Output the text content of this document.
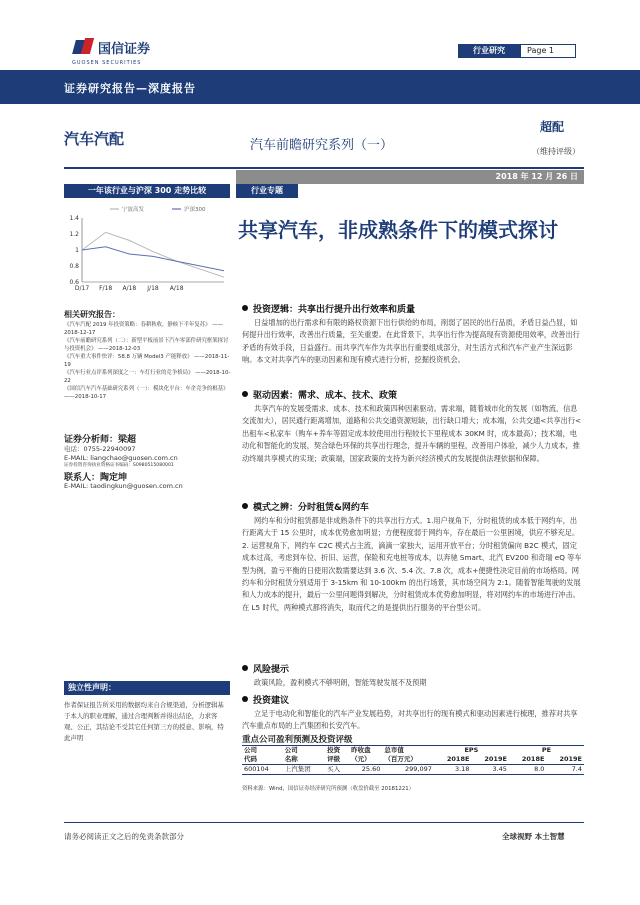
国信证券
GUOSEN SECURITIES
行业研究	Page 1
证券研究报告—深度报告
汽车汽配	汽车前瞻研究系列（一）
超配
（维持评级）
2018 年 12 月 26 日
一年该行业与沪深 300 走势比较
0.6
0.8
1
1.2
1.4
D/17 F/18 A/18 J/18 A/18
宁波高发	沪深300
相关研究报告：
《汽车汽配 2019 年投资策略：春耕秋收，静候下半年复苏》 ——2018-12-17
《汽车前瞻研究系列（二）：新型平板前景下汽车零部件研究框架探讨与投资机会》 ——2018-12-03
《汽车重大事件快评：58.8 万辆 Model3 产能释放》 ——2018-11-19
《汽车行业点评系列深度之一：车灯行业的竞争格局》 ——2018-10-22
《国信汽车汽车基础研究系列（一）：模块化平台：车企竞争的根基》 ——2018-10-17
证券分析师：梁超
电话：0755-22940097
E-MAIL: liangchao@guosen.com.cn
证券投资咨询执业资格证书编码：S0980515080001
联系人：陶定坤
E-MAIL: taodingkun@guosen.com.cn
独立性声明：
作者保证报告所采用的数据均来自合规渠道，分析逻辑基于本人的职业理解，通过合理判断并得出结论，力求客观、公正，其结论不受其它任何第三方的授意、影响，特此声明
行业专题
共享汽车，非成熟条件下的模式探讨
投资逻辑：共享出行提升出行效率和质量
日益增加的出行需求和有限的路权资源下出行供给的布局，削弱了居民的出行品质，矛盾日益凸显，如何提升出行效率，改善出行质量，至关重要。在此背景下，共享出行作为提高现有资源使用效率，改善出行矛盾的有效手段，日益盛行。而共享汽车作为共享出行重要组成部分，对生活方式和汽车产业产生深远影响。本文对共享汽车的驱动因素和现有模式进行分析，挖掘投资机会。
驱动因素：需求、成本、技术、政策
共享汽车的发展受需求、成本、技术和政策四种因素驱动。需求端，随着城市化的发展（如物流、信息交流加大），居民通行距离增加，道路和公共交通资源短缺，出行缺口增大；成本端，公共交通<共享出行<出租车<私家车（购车+养车等固定成本较使用出行程较长下里程成本 30KM 时，成本最高）；技术端，电动化和智能化的发展，契合绿色环保的共享出行理念，提升车辆的里程，改善用户体验，减少人力成本，推动终端共享模式的实现；政策端，国家政策的支持为新兴经济模式的发展提供法理依据和保障。
模式之辨：分时租赁&网约车
网约车和分时租赁都是非成熟条件下的共享出行方式。1.用户视角下，分时租赁的成本低于网约车，出行距离大于 15 公里时，成本优势愈加明显；方便程度弱于网约车，存在最后一公里困境，供应不够充足。2. 运营视角下，网约车 C2C 模式占主流，滴滴一家独大，运用开放平台；分时租赁偏向 B2C 模式，固定成本过高，考虑到车位、折旧、运营，保险和充电桩等成本，以奔驰 Smart、北汽 EV200 和奇瑞 eQ 等车型为例，盈亏平衡的日使用次数需要达到 3.6 次、5.4 次、7.8 次，成本+便捷性决定目前的市场格局。网约车和分时租赁分别适用于 3-15km 和 10-100km 的出行场景，其市场空间为 2:1。随着智能驾驶的发展和人力成本的提升，最后一公里问题得到解决，分时租赁成本优势愈加明显，将对网约车的市场进行冲击。在 L5 时代，两种模式都将消失，取而代之的是提供出行服务的平台型公司。
风险提示
政策风险，盈利模式不够明朗，智能驾驶发展不及预期
投资建议
立足于电动化和智能化的汽车产业发展趋势，对共享出行的现有模式和驱动因素进行梳理，推荐对共享汽车重点布局的上汽集团和长安汽车。
重点公司盈利预测及投资评级
公司	公司	投资	昨收盘	总市值	EPS		PE	
代码	名称	评级	（元）	（百万元）	2018E	2019E	2018E	2019E
600104	上汽集团	买入	25.60	299,097	3.18	3.45	8.0	7.4
资料来源：Wind，国信证券经济研究所预测（收盘价截至 20181221）
请务必阅读正文之后的免责条款部分	全球视野 本土智慧
